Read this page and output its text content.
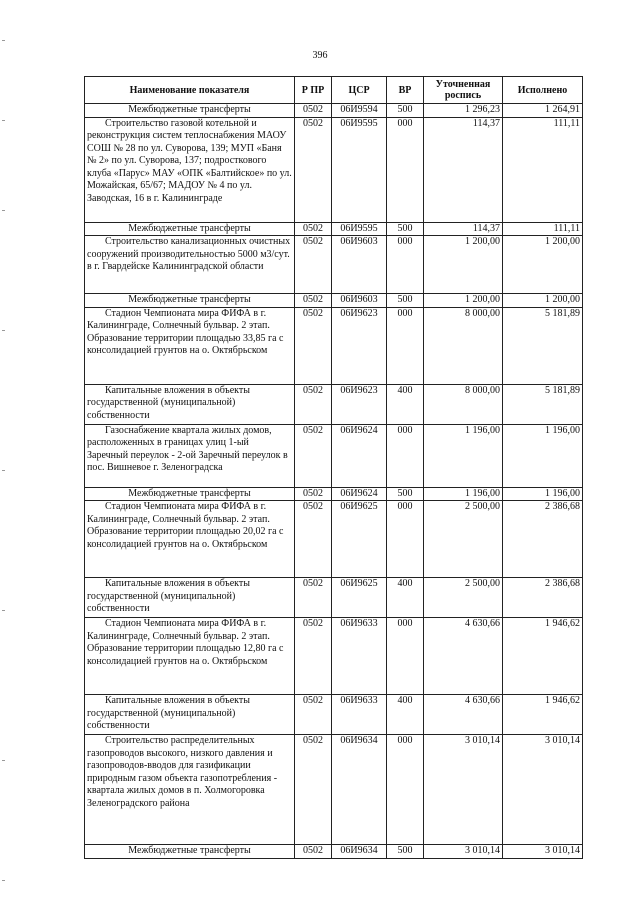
396
Наименование показателя	Р ПР	ЦСР	ВР	Уточненная роспись	Исполнено

Межбюджетные трансферты	0502	06И9594	500	1 296,23	1 264,91

Строительство газовой котельной и реконструкция систем теплоснабжения МАОУ СОШ № 28 по ул. Суворова, 139; МУП «Баня № 2» по ул. Суворова, 137; подросткового клуба «Парус» МАУ «ОПК «Балтийское» по ул. Можайская, 65/67; МАДОУ № 4 по ул. Заводская, 16 в г. Калининграде	0502	06И9595	000	114,37	111,11

Межбюджетные трансферты	0502	06И9595	500	114,37	111,11

Строительство канализационных очистных сооружений производительностью 5000 м3/сут. в г. Гвардейске Калининградской области	0502	06И9603	000	1 200,00	1 200,00

Межбюджетные трансферты	0502	06И9603	500	1 200,00	1 200,00

Стадион Чемпионата мира ФИФА в г. Калининграде, Солнечный бульвар. 2 этап. Образование территории площадью 33,85 га с консолидацией грунтов на о. Октябрьском	0502	06И9623	000	8 000,00	5 181,89

Капитальные вложения в объекты государственной (муниципальной) собственности	0502	06И9623	400	8 000,00	5 181,89

Газоснабжение квартала жилых домов, расположенных в границах улиц 1-ый Заречный переулок - 2-ой Заречный переулок в пос. Вишневое г. Зеленоградска	0502	06И9624	000	1 196,00	1 196,00

Межбюджетные трансферты	0502	06И9624	500	1 196,00	1 196,00

Стадион Чемпионата мира ФИФА в г. Калининграде, Солнечный бульвар. 2 этап. Образование территории площадью 20,02 га с консолидацией грунтов на о. Октябрьском	0502	06И9625	000	2 500,00	2 386,68

Капитальные вложения в объекты государственной (муниципальной) собственности	0502	06И9625	400	2 500,00	2 386,68

Стадион Чемпионата мира ФИФА в г. Калининграде, Солнечный бульвар. 2 этап. Образование территории площадью 12,80 га с консолидацией грунтов на о. Октябрьском	0502	06И9633	000	4 630,66	1 946,62

Капитальные вложения в объекты государственной (муниципальной) собственности	0502	06И9633	400	4 630,66	1 946,62

Строительство распределительных газопроводов высокого, низкого давления и газопроводов-вводов для газификации природным газом объекта газопотребления - квартала жилых домов в п. Холмогоровка Зеленоградского района	0502	06И9634	000	3 010,14	3 010,14

Межбюджетные трансферты	0502	06И9634	500	3 010,14	3 010,14
